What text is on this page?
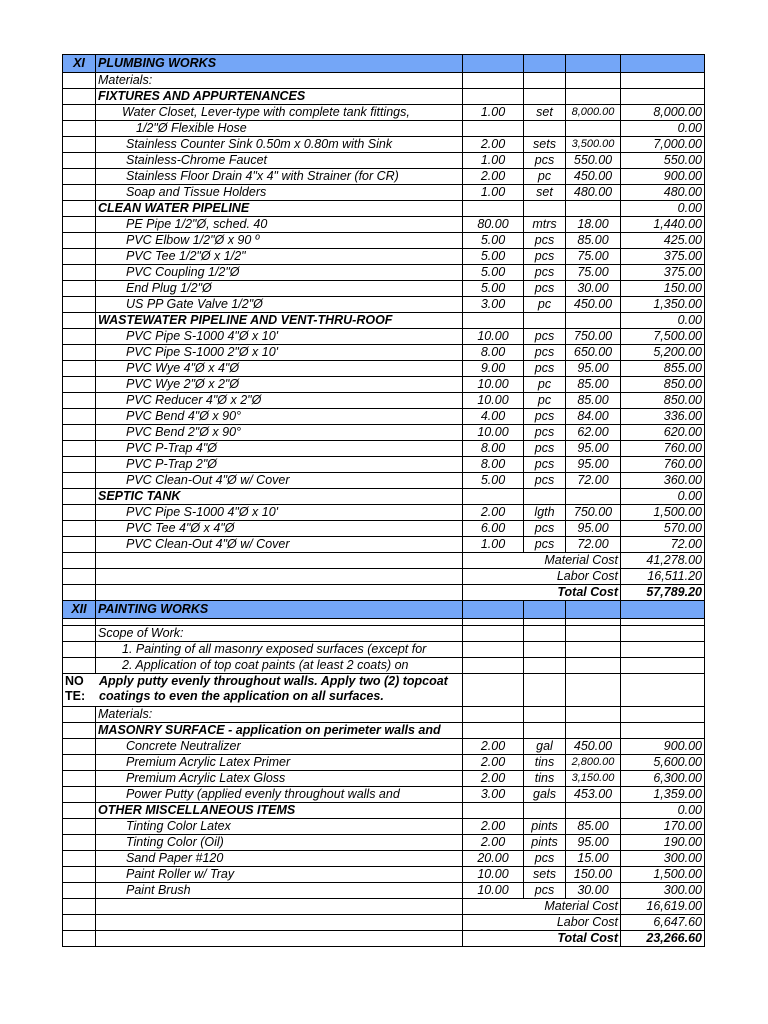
XI	PLUMBING WORKS				
	Materials:				
	FIXTURES AND APPURTENANCES				
	Water Closet, Lever-type with complete tank fittings,	1.00	set	8,000.00	8,000.00
	1/2"Ø Flexible Hose				0.00
	Stainless Counter Sink 0.50m x 0.80m with Sink	2.00	sets	3,500.00	7,000.00
	Stainless-Chrome Faucet	1.00	pcs	550.00	550.00
	Stainless Floor Drain 4"x 4" with Strainer (for CR)	2.00	pc	450.00	900.00
	Soap and Tissue Holders	1.00	set	480.00	480.00
	CLEAN WATER PIPELINE				0.00
	PE Pipe 1/2"Ø, sched. 40	80.00	mtrs	18.00	1,440.00
	PVC Elbow 1/2"Ø x 90 º	5.00	pcs	85.00	425.00
	PVC Tee 1/2"Ø x 1/2"	5.00	pcs	75.00	375.00
	PVC Coupling 1/2"Ø	5.00	pcs	75.00	375.00
	End Plug 1/2"Ø	5.00	pcs	30.00	150.00
	US PP Gate Valve 1/2"Ø	3.00	pc	450.00	1,350.00
	WASTEWATER PIPELINE AND VENT-THRU-ROOF				0.00
	PVC Pipe S-1000 4"Ø x 10'	10.00	pcs	750.00	7,500.00
	PVC Pipe S-1000 2"Ø x 10'	8.00	pcs	650.00	5,200.00
	PVC Wye 4"Ø x 4"Ø	9.00	pcs	95.00	855.00
	PVC Wye 2"Ø x 2"Ø	10.00	pc	85.00	850.00
	PVC Reducer 4"Ø x 2"Ø	10.00	pc	85.00	850.00
	PVC Bend 4"Ø x 90°	4.00	pcs	84.00	336.00
	PVC Bend 2"Ø x 90°	10.00	pcs	62.00	620.00
	PVC P-Trap 4"Ø	8.00	pcs	95.00	760.00
	PVC P-Trap 2"Ø	8.00	pcs	95.00	760.00
	PVC Clean-Out 4"Ø w/ Cover	5.00	pcs	72.00	360.00
	SEPTIC TANK				0.00
	PVC Pipe S-1000 4"Ø x 10'	2.00	lgth	750.00	1,500.00
	PVC Tee 4"Ø x 4"Ø	6.00	pcs	95.00	570.00
	PVC Clean-Out 4"Ø w/ Cover	1.00	pcs	72.00	72.00
		Material Cost			41,278.00
		Labor Cost			16,511.20
		Total Cost			57,789.20
XII	PAINTING WORKS				

	Scope of Work:				
	1. Painting of all masonry exposed surfaces (except for				
	2. Application of top coat paints (at least 2 coats) on				

NO Apply putty evenly throughout walls. Apply two (2) topcoat
TE: coatings to even the application on all surfaces.					

	Materials:				
	MASONRY SURFACE - application on perimeter walls and				
	Concrete Neutralizer	2.00	gal	450.00	900.00
	Premium Acrylic Latex Primer	2.00	tins	2,800.00	5,600.00
	Premium Acrylic Latex Gloss	2.00	tins	3,150.00	6,300.00
	Power Putty (applied evenly throughout walls and	3.00	gals	453.00	1,359.00
	OTHER MISCELLANEOUS ITEMS				0.00
	Tinting Color Latex	2.00	pints	85.00	170.00
	Tinting Color (Oil)	2.00	pints	95.00	190.00
	Sand Paper #120	20.00	pcs	15.00	300.00
	Paint Roller w/ Tray	10.00	sets	150.00	1,500.00
	Paint Brush	10.00	pcs	30.00	300.00
		Material Cost			16,619.00
		Labor Cost			6,647.60
		Total Cost			23,266.60
